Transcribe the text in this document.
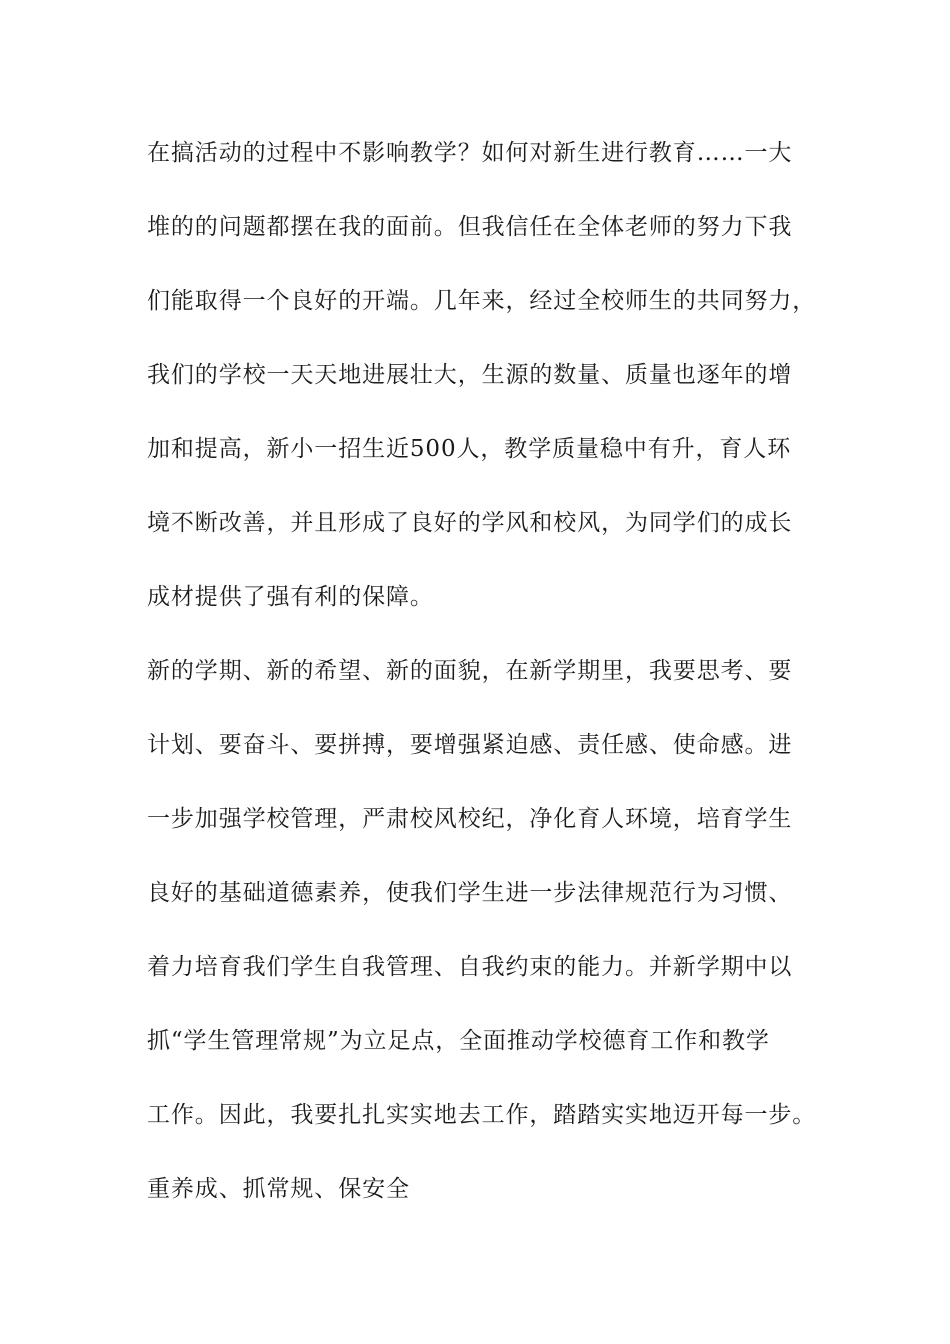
在搞活动的过程中不影响教学？如何对新生进行教育……一大
堆的的问题都摆在我的面前。但我信任在全体老师的努力下我
们能取得一个良好的开端。几年来，经过全校师生的共同努力，
我们的学校一天天地进展壮大，生源的数量、质量也逐年的增
加和提高，新小一招生近500人，教学质量稳中有升，育人环
境不断改善，并且形成了良好的学风和校风，为同学们的成长
成材提供了强有利的保障。
新的学期、新的希望、新的面貌，在新学期里，我要思考、要
计划、要奋斗、要拼搏，要增强紧迫感、责任感、使命感。进
一步加强学校管理，严肃校风校纪，净化育人环境，培育学生
良好的基础道德素养，使我们学生进一步法律规范行为习惯、
着力培育我们学生自我管理、自我约束的能力。并新学期中以
抓“学生管理常规”为立足点，全面推动学校德育工作和教学
工作。因此，我要扎扎实实地去工作，踏踏实实地迈开每一步。
重养成、抓常规、保安全
